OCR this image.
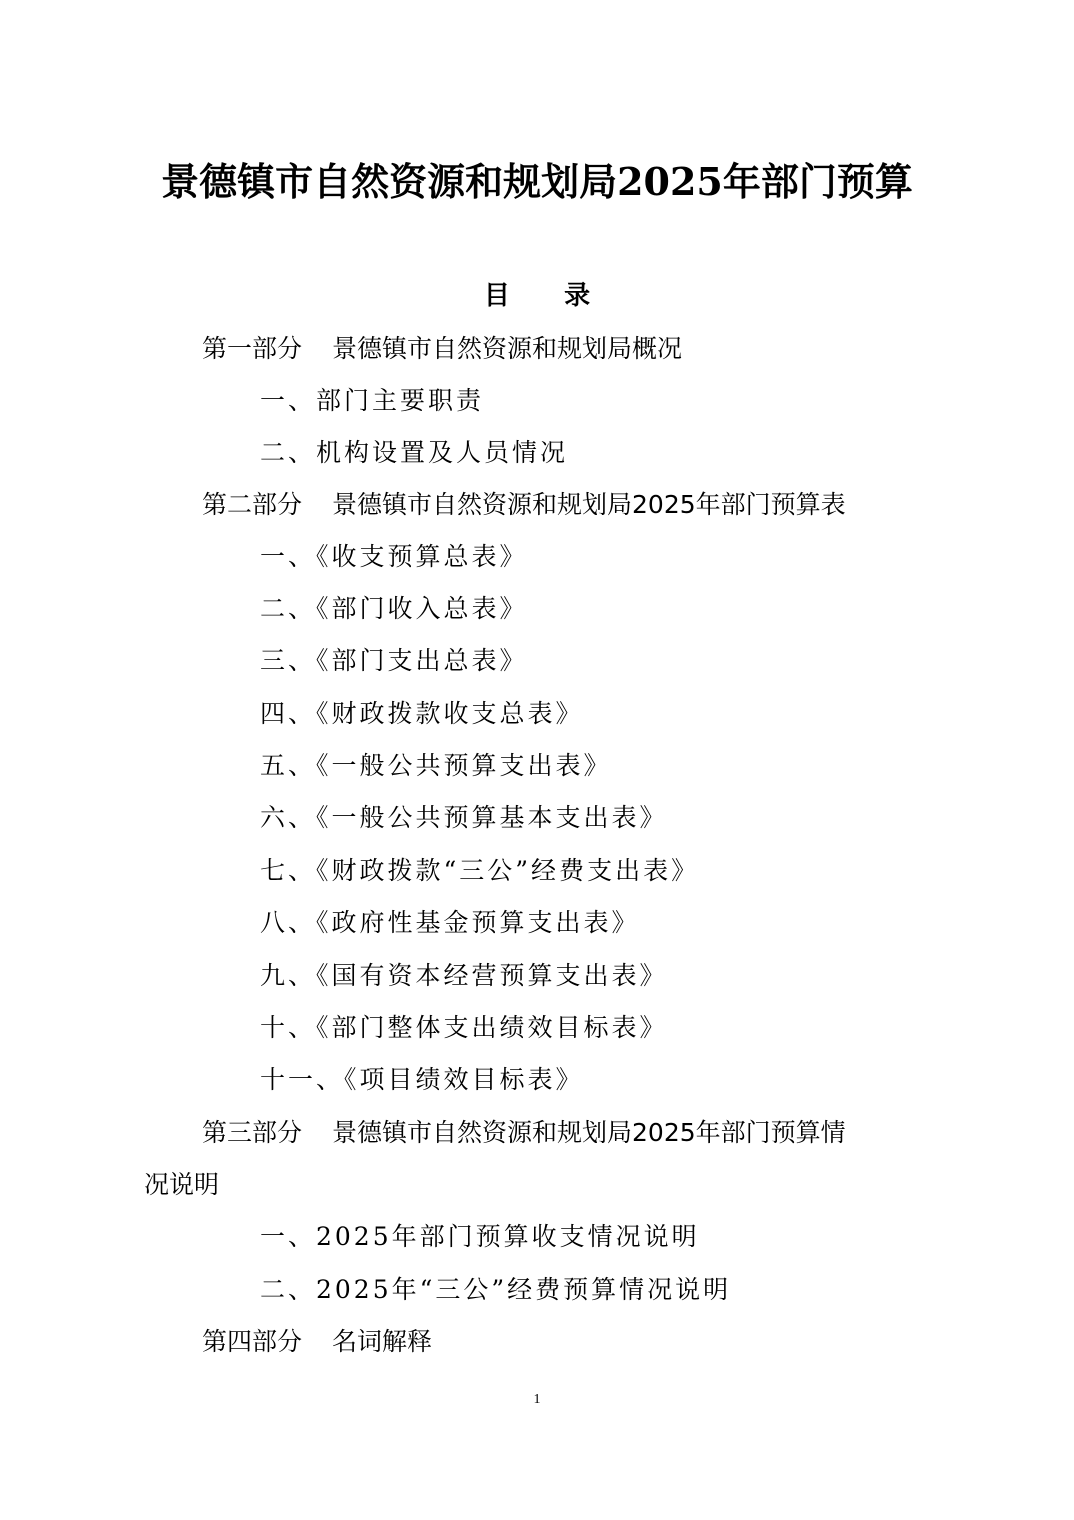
景德镇市自然资源和规划局2025年部门预算
目      录
第一部分 景德镇市自然资源和规划局概况
一、部门主要职责
二、机构设置及人员情况
第二部分 景德镇市自然资源和规划局2025年部门预算表
一、《收支预算总表》
二、《部门收入总表》
三、《部门支出总表》
四、《财政拨款收支总表》
五、《一般公共预算支出表》
六、《一般公共预算基本支出表》
七、《财政拨款“三公”经费支出表》
八、《政府性基金预算支出表》
九、《国有资本经营预算支出表》
十、《部门整体支出绩效目标表》
十一、《项目绩效目标表》
第三部分 景德镇市自然资源和规划局2025年部门预算情
况说明
一、2025年部门预算收支情况说明
二、2025年“三公”经费预算情况说明
第四部分 名词解释
1
